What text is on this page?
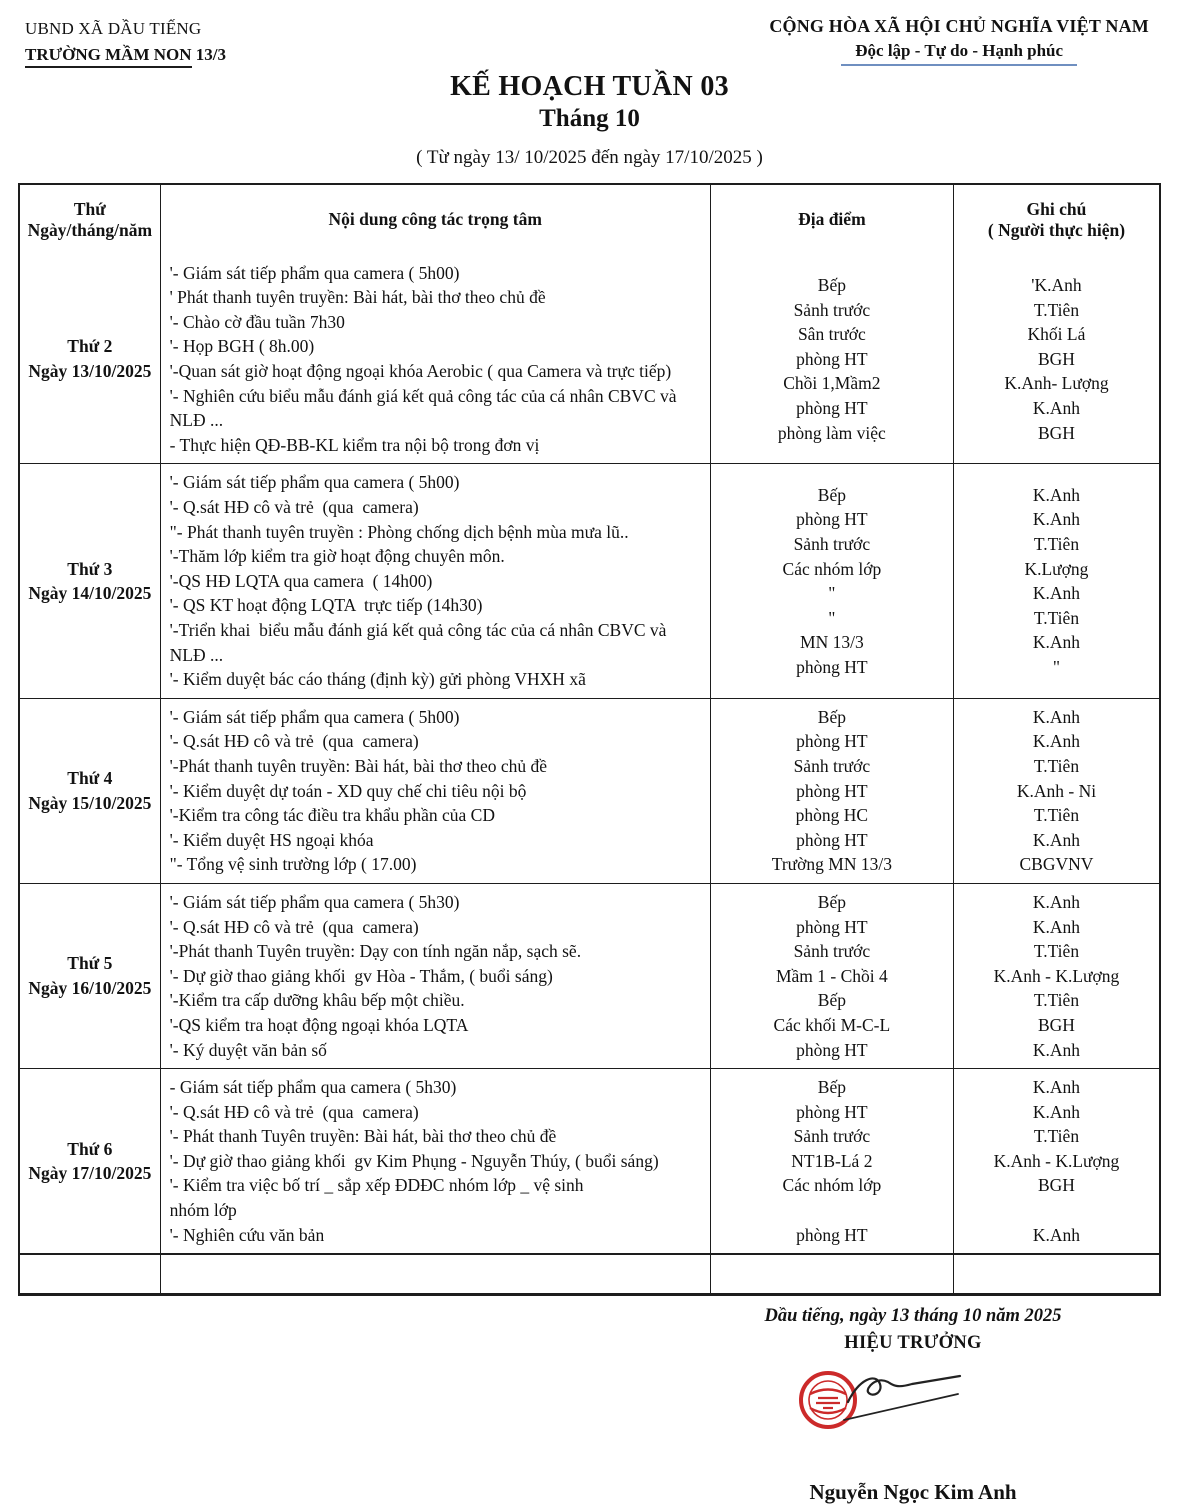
UBND XÃ DẦU TIẾNG
TRƯỜNG MẦM NON 13/3
CỘNG HÒA XÃ HỘI CHỦ NGHĨA VIỆT NAM
Độc lập - Tự do - Hạnh phúc
KẾ HOẠCH TUẦN 03
Tháng 10
( Từ ngày 13/ 10/2025 đến ngày 17/10/2025 )
Thứ
Ngày/tháng/năm
Nội dung công tác trọng tâm	Địa điểm
Ghi chú
( Người thực hiện)
Thứ 2
Ngày 13/10/2025
'- Giám sát tiếp phẩm qua camera ( 5h00)
' Phát thanh tuyên truyền: Bài hát, bài thơ theo chủ đề
'- Chào cờ đầu tuần 7h30
'- Họp BGH ( 8h.00)
'-Quan sát giờ hoạt động ngoại khóa Aerobic ( qua Camera và trực tiếp)
'- Nghiên cứu biểu mẫu đánh giá kết quả công tác của cá nhân CBVC và NLĐ ...
- Thực hiện QĐ-BB-KL kiểm tra nội bộ trong đơn vị
Bếp
Sảnh trước
Sân trước
phòng HT
Chồi 1,Mầm2
phòng HT
phòng làm việc
'K.Anh
T.Tiên
Khối Lá
BGH
K.Anh- Lượng
K.Anh
BGH
Thứ 3
Ngày 14/10/2025
'- Giám sát tiếp phẩm qua camera ( 5h00)
'- Q.sát HĐ cô và trẻ  (qua  camera)
"- Phát thanh tuyên truyền : Phòng chống dịch bệnh mùa mưa lũ..
'-Thăm lớp kiểm tra giờ hoạt động chuyên môn.
'-QS HĐ LQTA qua camera  ( 14h00)
'- QS KT hoạt động LQTA  trực tiếp (14h30)
'-Triển khai  biểu mẫu đánh giá kết quả công tác của cá nhân CBVC và NLĐ ...
'- Kiểm duyệt bác cáo tháng (định kỳ) gửi phòng VHXH xã
Bếp
phòng HT
Sảnh trước
Các nhóm lớp
"
"
MN 13/3
phòng HT
K.Anh
K.Anh
T.Tiên
K.Lượng
K.Anh
T.Tiên
K.Anh
"
Thứ 4
Ngày 15/10/2025
'- Giám sát tiếp phẩm qua camera ( 5h00)
'- Q.sát HĐ cô và trẻ  (qua  camera)
'-Phát thanh tuyên truyền: Bài hát, bài thơ theo chủ đề
'- Kiểm duyệt dự toán - XD quy chế chi tiêu nội bộ
'-Kiểm tra công tác điều tra khẩu phần của CD
'- Kiểm duyệt HS ngoại khóa
"- Tổng vệ sinh trường lớp ( 17.00)
Bếp
phòng HT
Sảnh trước
phòng HT
phòng HC
phòng HT
Trường MN 13/3
K.Anh
K.Anh
T.Tiên
K.Anh - Ni
T.Tiên
K.Anh
CBGVNV
Thứ 5
Ngày 16/10/2025
'- Giám sát tiếp phẩm qua camera ( 5h30)
'- Q.sát HĐ cô và trẻ  (qua  camera)
'-Phát thanh Tuyên truyền: Dạy con tính ngăn nắp, sạch sẽ.
'- Dự giờ thao giảng khối  gv Hòa - Thắm, ( buổi sáng)
'-Kiểm tra cấp dưỡng khâu bếp một chiều.
'-QS kiểm tra hoạt động ngoại khóa LQTA
'- Ký duyệt văn bản số
Bếp
phòng HT
Sảnh trước
Mầm 1 - Chồi 4
Bếp
Các khối M-C-L
phòng HT
K.Anh
K.Anh
T.Tiên
K.Anh - K.Lượng
T.Tiên
BGH
K.Anh
Thứ 6
Ngày 17/10/2025
- Giám sát tiếp phẩm qua camera ( 5h30)
'- Q.sát HĐ cô và trẻ  (qua  camera)
'- Phát thanh Tuyên truyền: Bài hát, bài thơ theo chủ đề
'- Dự giờ thao giảng khối  gv Kim Phụng - Nguyễn Thúy, ( buổi sáng)
'- Kiểm tra việc bố trí _ sắp xếp ĐDĐC nhóm lớp _ vệ sinh
nhóm lớp
'- Nghiên cứu văn bản
Bếp
phòng HT
Sảnh trước
NT1B-Lá 2
Các nhóm lớp
phòng HT
K.Anh
K.Anh
T.Tiên
K.Anh - K.Lượng
BGH
K.Anh
Dầu tiếng, ngày 13 tháng 10 năm 2025
HIỆU TRƯỞNG
Nguyễn Ngọc Kim Anh
